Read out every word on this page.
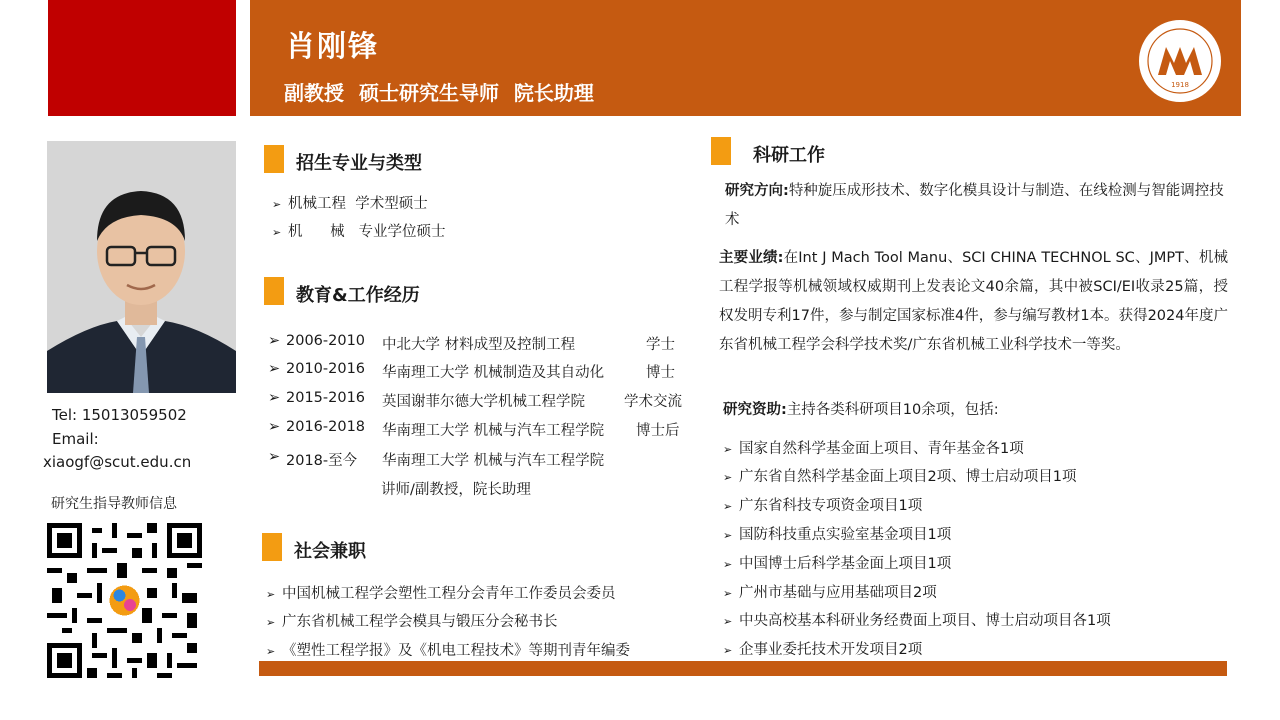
肖刚锋
副教授 硕士研究生导师 院长助理	1918
Tel: 15013059502
Email:
xiaogf@scut.edu.cn
研究生指导教师信息
招生专业与类型
➢ 机械工程  学术型硕士
➢ 机      械   专业学位硕士
教育&工作经历
➢ 2006-2010 中北大学 材料成型及控制工程	学士
➢ 2010-2016 华南理工大学 机械制造及其自动化	博士
➢ 2015-2016 英国谢菲尔德大学机械工程学院	学术交流
➢ 2016-2018 华南理工大学 机械与汽车工程学院 博士后
➢ 2018-至今 华南理工大学 机械与汽车工程学院
讲师/副教授，院长助理
社会兼职
➢ 中国机械工程学会塑性工程分会青年工作委员会委员
➢ 广东省机械工程学会模具与锻压分会秘书长
➢ 《塑性工程学报》及《机电工程技术》等期刊青年编委
科研工作
研究方向:特种旋压成形技术、数字化模具设计与制造、在线检测与智能调控技术
主要业绩:在Int J Mach Tool Manu、SCI CHINA TECHNOL SC、JMPT、机械工程学报等机械领域权威期刊上发表论文40余篇，其中被SCI/EI收录25篇，授权发明专利17件，参与制定国家标准4件，参与编写教材1本。获得2024年度广东省机械工程学会科学技术奖/广东省机械工业科学技术一等奖。
研究资助:主持各类科研项目10余项，包括:
➢ 国家自然科学基金面上项目、青年基金各1项
➢ 广东省自然科学基金面上项目2项、博士启动项目1项
➢ 广东省科技专项资金项目1项
➢ 国防科技重点实验室基金项目1项
➢ 中国博士后科学基金面上项目1项
➢ 广州市基础与应用基础项目2项
➢ 中央高校基本科研业务经费面上项目、博士启动项目各1项
➢ 企事业委托技术开发项目2项
